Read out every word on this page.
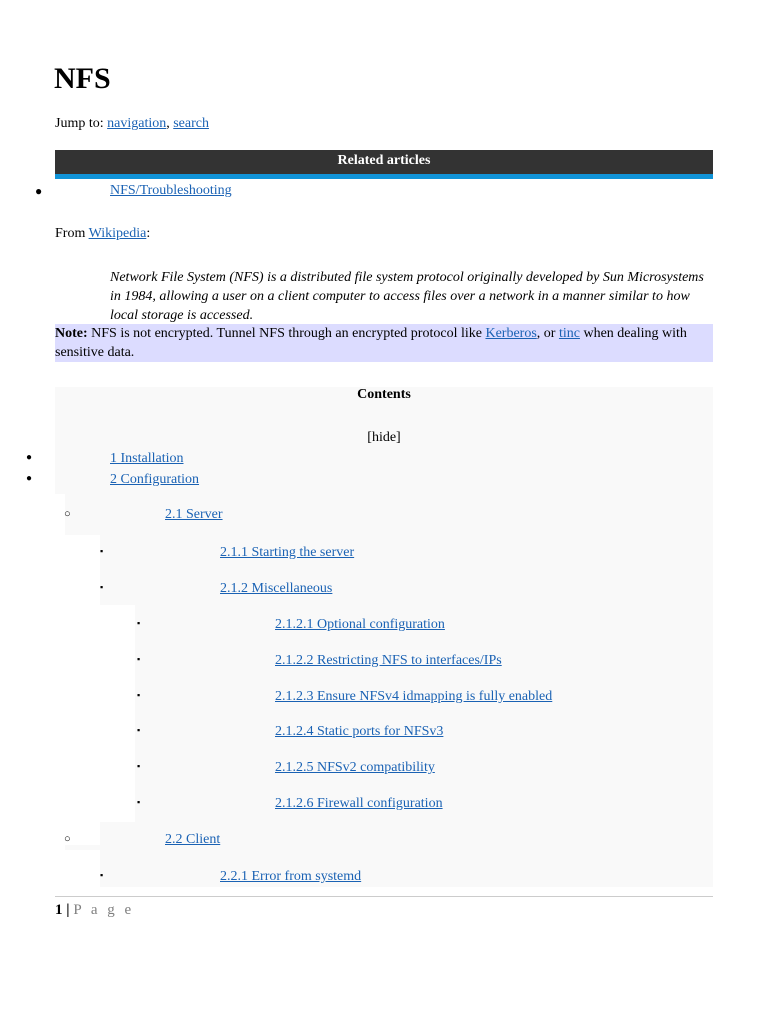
NFS
Jump to: navigation, search
Related articles
●	NFS/Troubleshooting
From Wikipedia:
Network File System (NFS) is a distributed file system protocol originally developed by Sun Microsystems in 1984, allowing a user on a client computer to access files over a network in a manner similar to how local storage is accessed.
Note: NFS is not encrypted. Tunnel NFS through an encrypted protocol like Kerberos, or tinc when dealing with sensitive data.
Contents
[hide]
●	1 Installation
●	2 Configuration
○	2.1 Server
▪	2.1.1 Starting the server
▪	2.1.2 Miscellaneous
▪	2.1.2.1 Optional configuration
▪	2.1.2.2 Restricting NFS to interfaces/IPs
▪	2.1.2.3 Ensure NFSv4 idmapping is fully enabled
▪	2.1.2.4 Static ports for NFSv3
▪	2.1.2.5 NFSv2 compatibility
▪	2.1.2.6 Firewall configuration
○	2.2 Client
▪	2.2.1 Error from systemd
1 | P a g e
